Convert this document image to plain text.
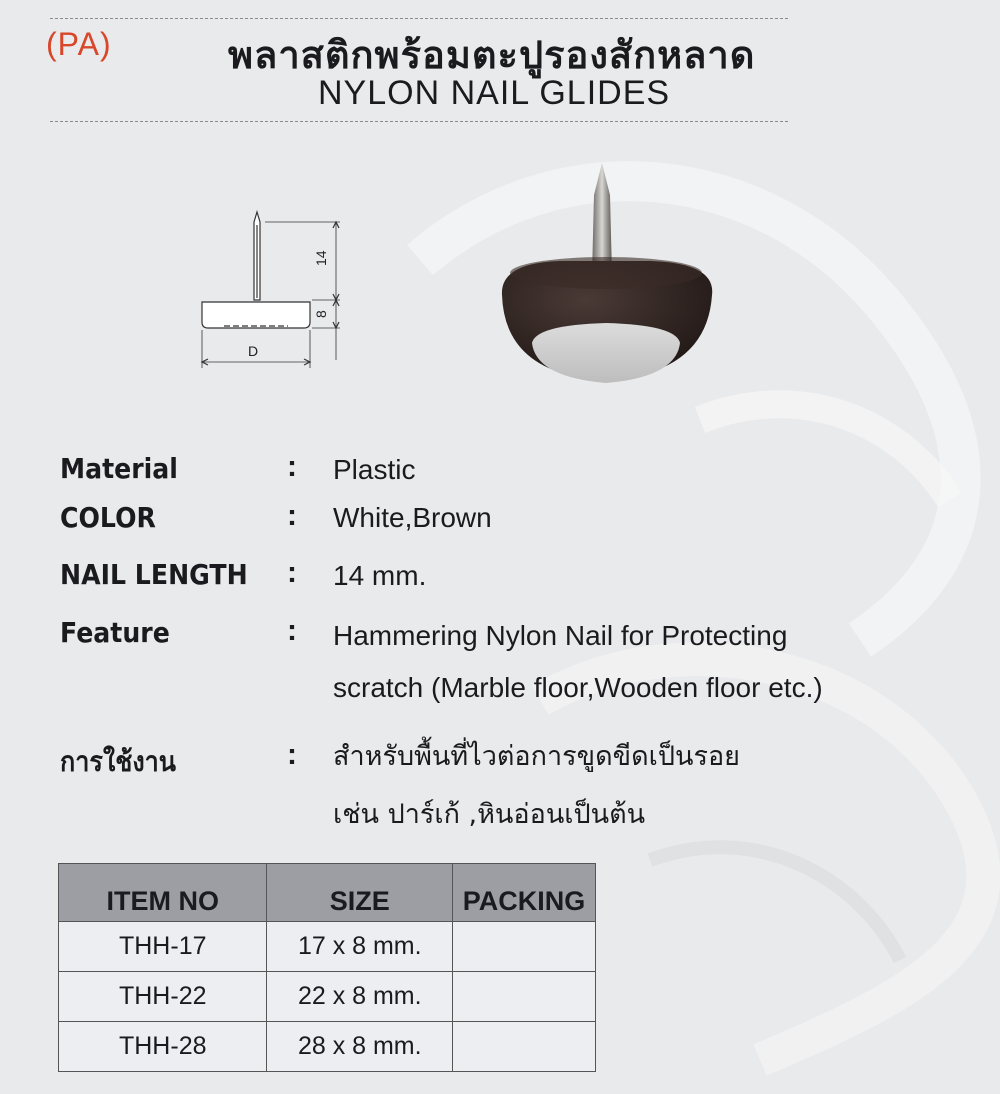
(PA)	พลาสติกพร้อมตะปูรองสักหลาด
NYLON NAIL GLIDES
14
8
D
Material	: Plastic
COLOR	: White,Brown
NAIL LENGTH : 14 mm.
Feature	: Hammering Nylon Nail for Protecting
scratch (Marble floor,Wooden floor etc.)
การใช้งาน	: สำหรับพื้นที่ไวต่อการขูดขีดเป็นรอย
เช่น ปาร์เก้ ,หินอ่อนเป็นต้น
ITEM NO	SIZE	PACKING
THH-17	17 x 8 mm.	
THH-22	22 x 8 mm.	
THH-28	28 x 8 mm.	
